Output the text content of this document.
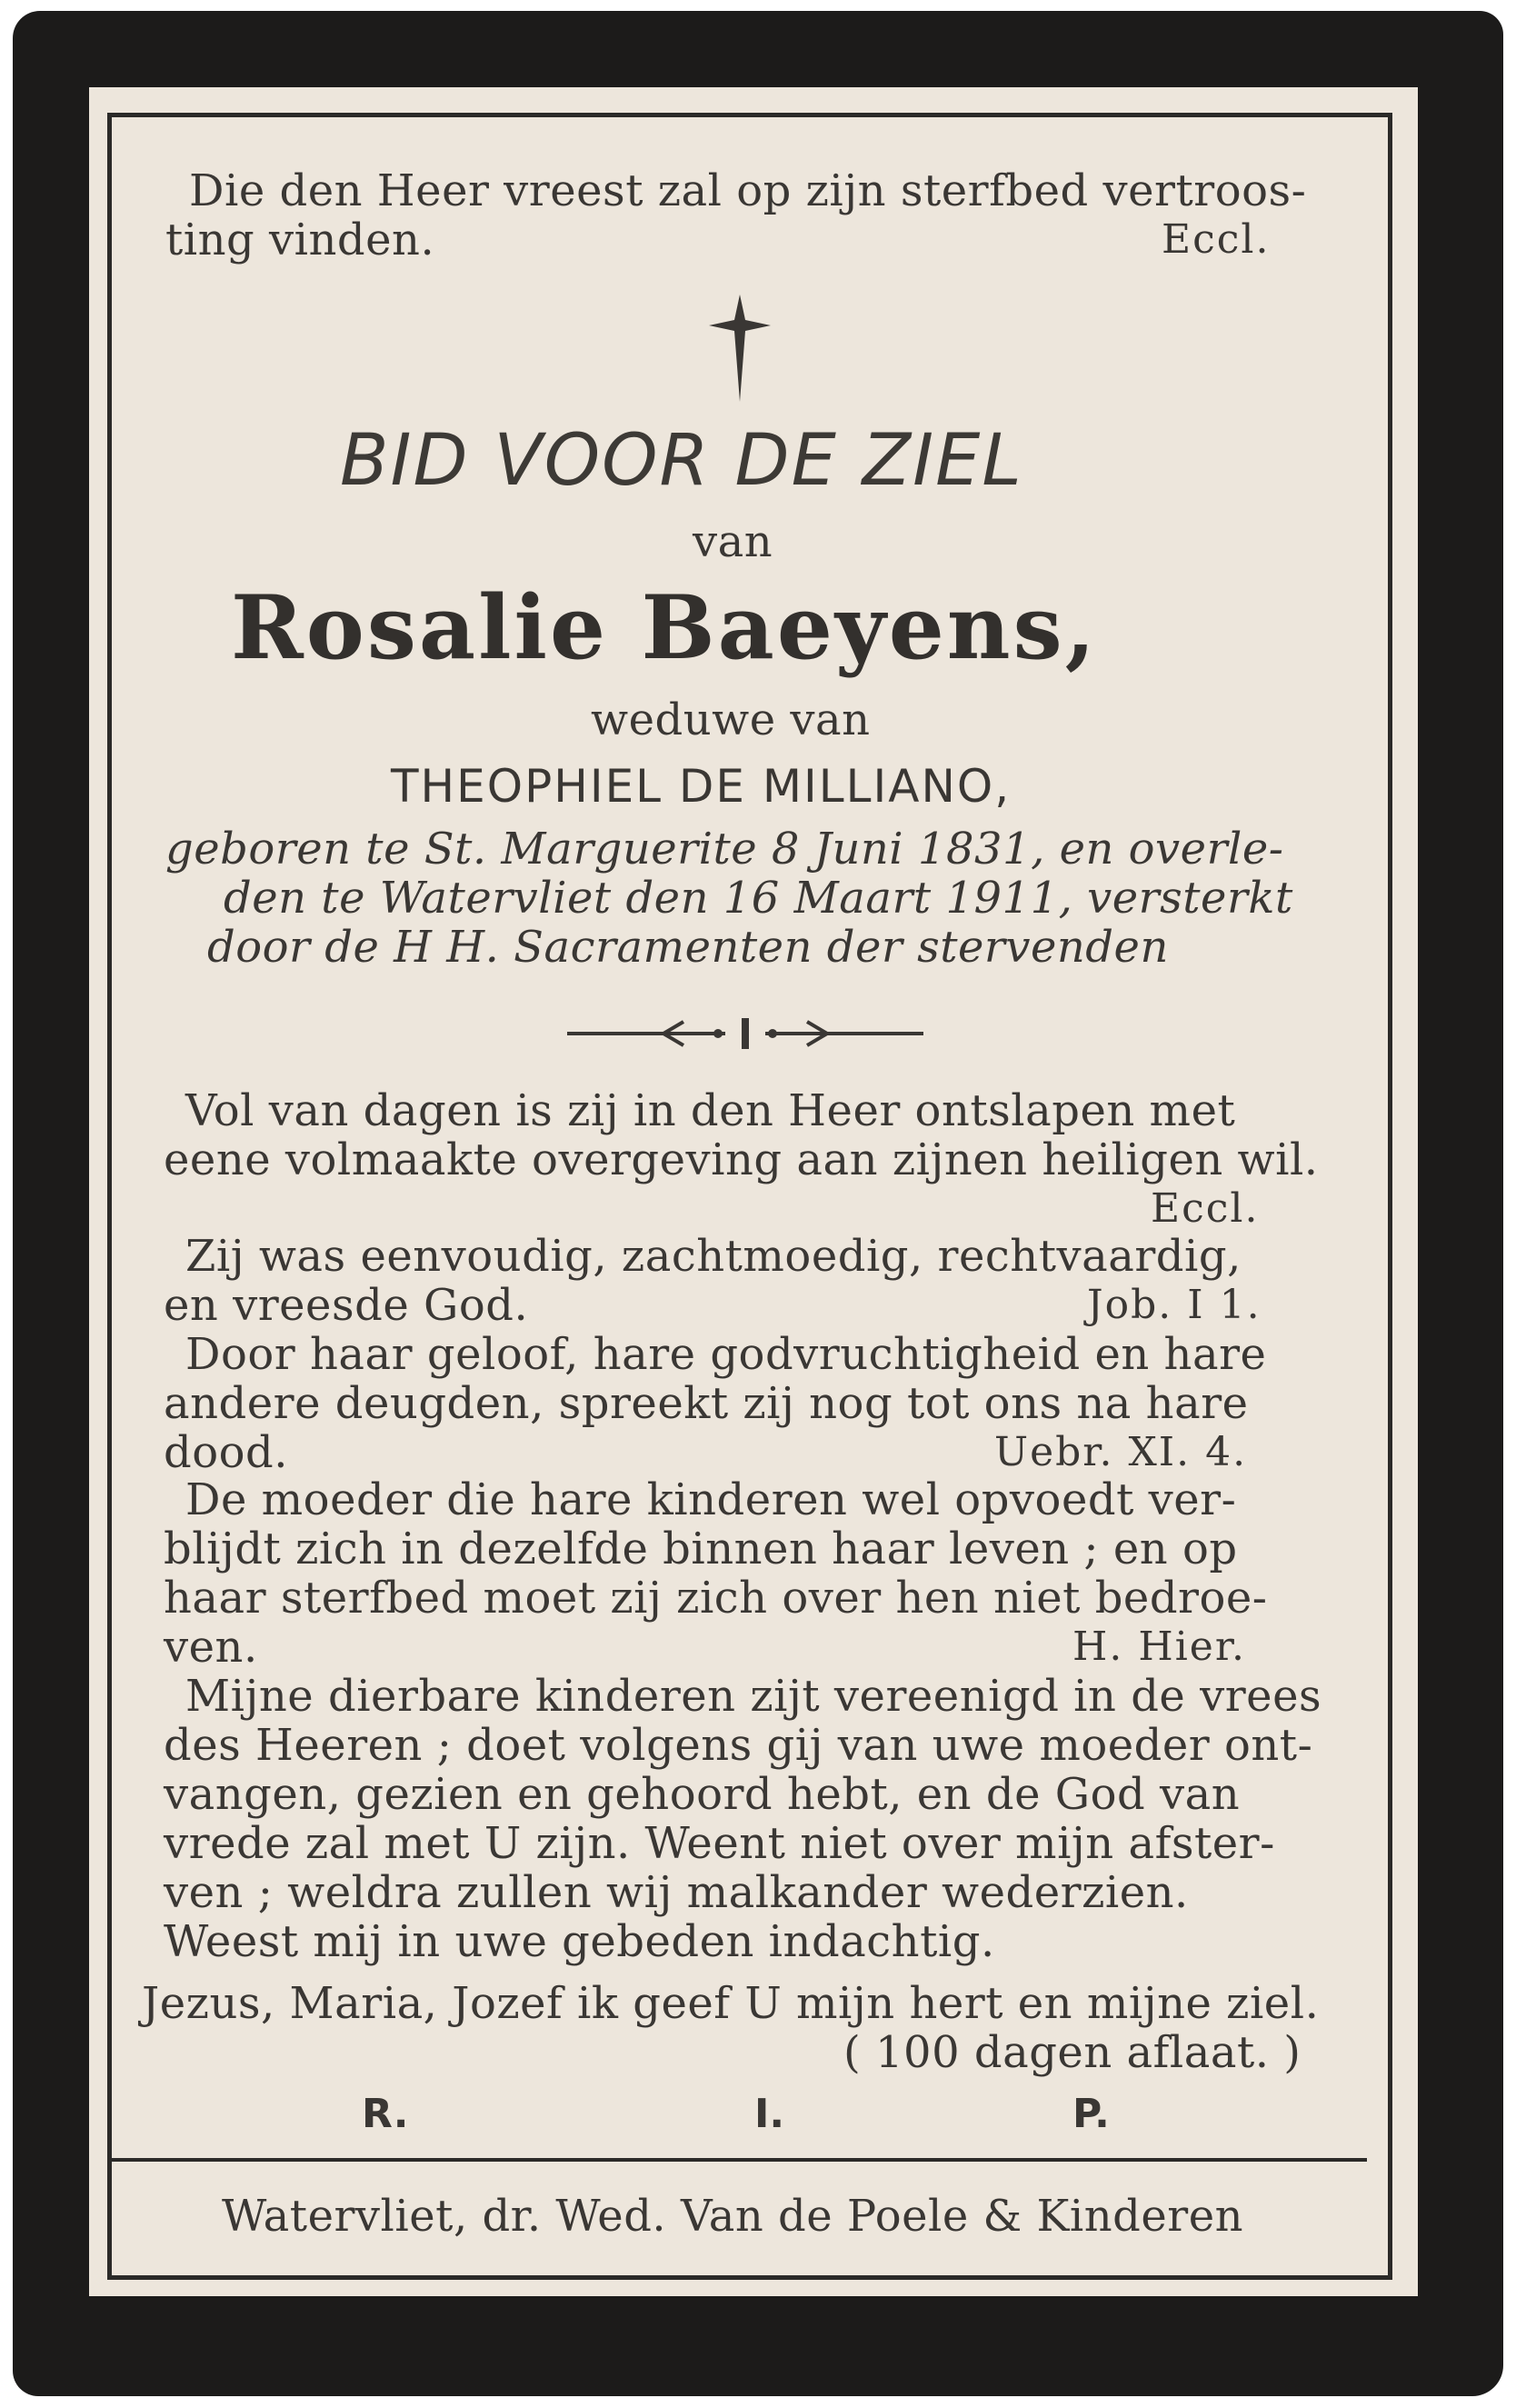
Die den Heer vreest zal op zijn sterfbed vertroos-
ting vinden.	Eccl.
BID VOOR DE ZIEL
van
Rosalie Baeyens,
weduwe van
THEOPHIEL DE MILLIANO,
geboren te St. Marguerite 8 Juni 1831, en overle-
den te Watervliet den 16 Maart 1911, versterkt
door de H H. Sacramenten der stervenden
Vol van dagen is zij in den Heer ontslapen met
eene volmaakte overgeving aan zijnen heiligen wil.
Eccl.
Zij was eenvoudig, zachtmoedig, rechtvaardig,
en vreesde God.	Job. I 1.
Door haar geloof, hare godvruchtigheid en hare
andere deugden, spreekt zij nog tot ons na hare
dood.	Uebr. XI. 4.
De moeder die hare kinderen wel opvoedt ver-
blijdt zich in dezelfde binnen haar leven ; en op
haar sterfbed moet zij zich over hen niet bedroe-
ven.	H. Hier.
Mijne dierbare kinderen zijt vereenigd in de vrees
des Heeren ; doet volgens gij van uwe moeder ont-
vangen, gezien en gehoord hebt, en de God van
vrede zal met U zijn. Weent niet over mijn afster-
ven ; weldra zullen wij malkander wederzien.
Weest mij in uwe gebeden indachtig.
Jezus, Maria, Jozef ik geef U mijn hert en mijne ziel.
( 100 dagen aflaat. )
R.	I.	P.
Watervliet, dr. Wed. Van de Poele & Kinderen
